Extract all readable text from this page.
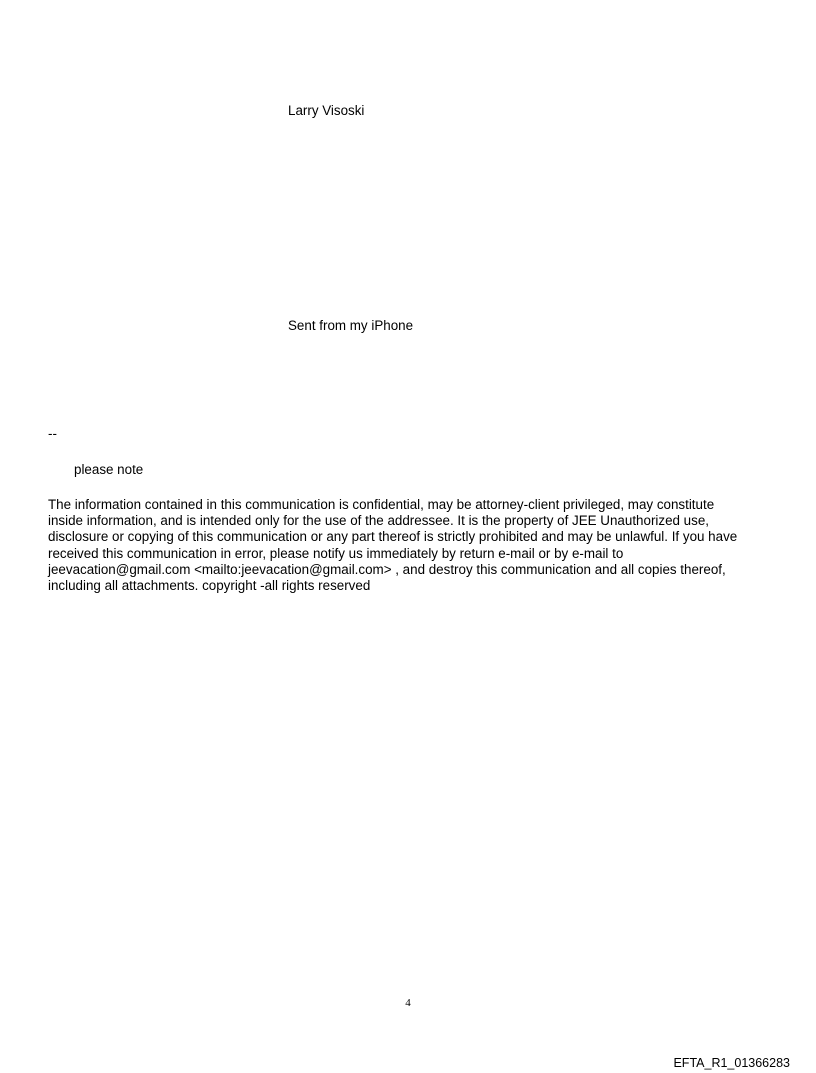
Larry Visoski
Sent from my iPhone
--
please note
The information contained in this communication is confidential, may be attorney-client privileged, may constitute
inside information, and is intended only for the use of the addressee. It is the property of JEE Unauthorized use,
disclosure or copying of this communication or any part thereof is strictly prohibited and may be unlawful. If you have
received this communication in error, please notify us immediately by return e-mail or by e-mail to
jeevacation@gmail.com <mailto:jeevacation@gmail.com> , and destroy this communication and all copies thereof,
including all attachments. copyright -all rights reserved
4
EFTA_R1_01366283
